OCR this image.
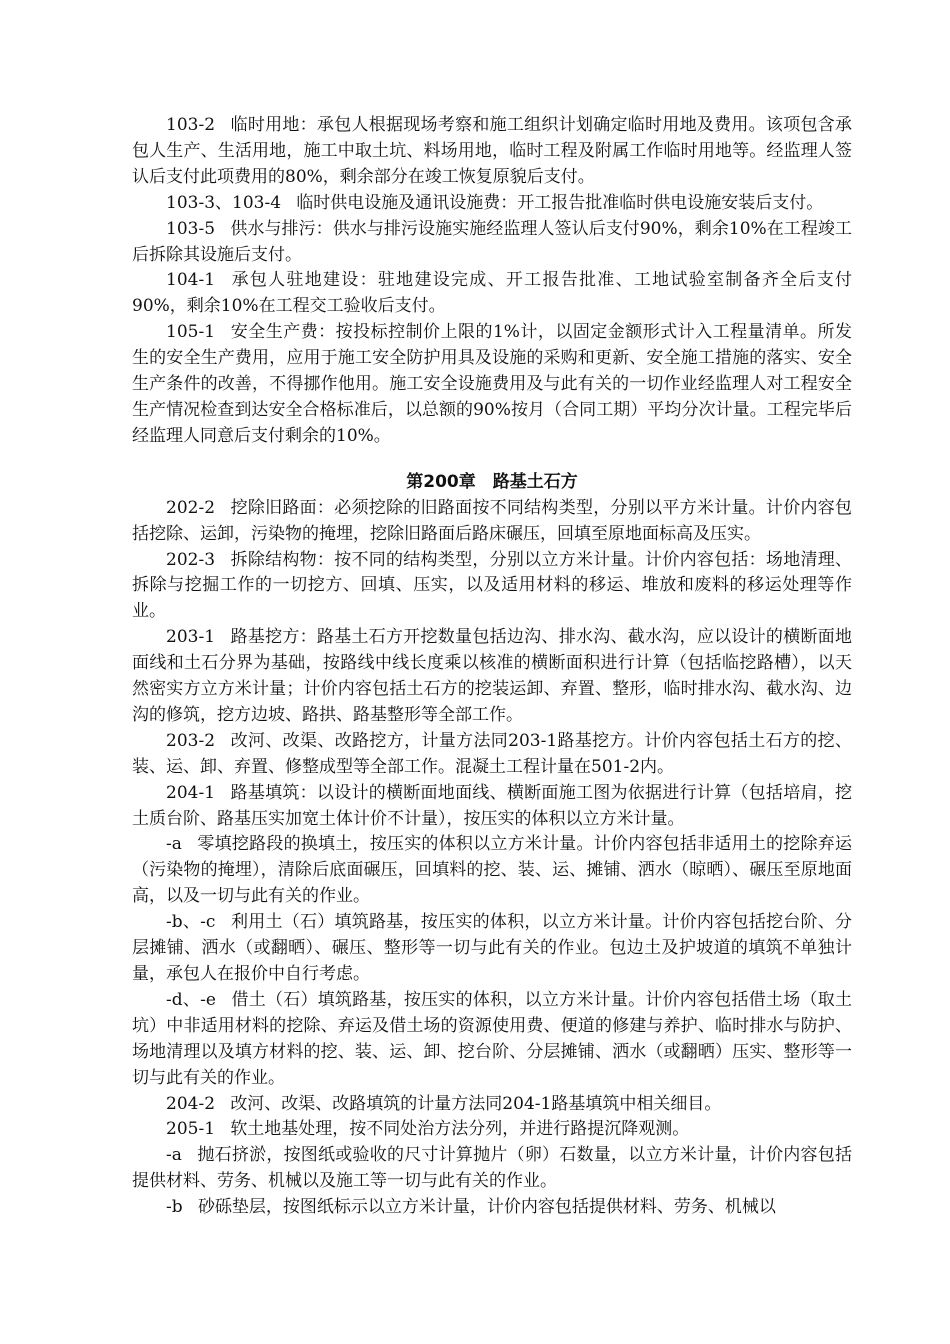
103-2 临时用地：承包人根据现场考察和施工组织计划确定临时用地及费用。该项包含承包人生产、生活用地，施工中取土坑、料场用地，临时工程及附属工作临时用地等。经监理人签认后支付此项费用的80%，剩余部分在竣工恢复原貌后支付。

103-3、103-4 临时供电设施及通讯设施费：开工报告批准临时供电设施安装后支付。

103-5 供水与排污：供水与排污设施实施经监理人签认后支付90%，剩余10%在工程竣工后拆除其设施后支付。

104-1 承包人驻地建设：驻地建设完成、开工报告批准、工地试验室制备齐全后支付90%，剩余10%在工程交工验收后支付。

105-1 安全生产费：按投标控制价上限的1%计，以固定金额形式计入工程量清单。所发生的安全生产费用，应用于施工安全防护用具及设施的采购和更新、安全施工措施的落实、安全生产条件的改善，不得挪作他用。施工安全设施费用及与此有关的一切作业经监理人对工程安全生产情况检查到达安全合格标准后，以总额的90%按月（合同工期）平均分次计量。工程完毕后经监理人同意后支付剩余的10%。

第200章　路基土石方

202-2 挖除旧路面：必须挖除的旧路面按不同结构类型，分别以平方米计量。计价内容包括挖除、运卸，污染物的掩埋，挖除旧路面后路床碾压，回填至原地面标高及压实。

202-3 拆除结构物：按不同的结构类型，分别以立方米计量。计价内容包括：场地清理、拆除与挖掘工作的一切挖方、回填、压实，以及适用材料的移运、堆放和废料的移运处理等作业。

203-1 路基挖方：路基土石方开挖数量包括边沟、排水沟、截水沟，应以设计的横断面地面线和土石分界为基础，按路线中线长度乘以核准的横断面积进行计算（包括临挖路槽），以天然密实方立方米计量；计价内容包括土石方的挖装运卸、弃置、整形，临时排水沟、截水沟、边沟的修筑，挖方边坡、路拱、路基整形等全部工作。

203-2 改河、改渠、改路挖方，计量方法同203-1路基挖方。计价内容包括土石方的挖、装、运、卸、弃置、修整成型等全部工作。混凝土工程计量在501-2内。

204-1 路基填筑：以设计的横断面地面线、横断面施工图为依据进行计算（包括培肩，挖土质台阶、路基压实加宽土体计价不计量），按压实的体积以立方米计量。

-a 零填挖路段的换填土，按压实的体积以立方米计量。计价内容包括非适用土的挖除弃运（污染物的掩埋），清除后底面碾压，回填料的挖、装、运、摊铺、洒水（晾晒）、碾压至原地面高，以及一切与此有关的作业。

-b、-c 利用土（石）填筑路基，按压实的体积，以立方米计量。计价内容包括挖台阶、分层摊铺、洒水（或翻晒）、碾压、整形等一切与此有关的作业。包边土及护坡道的填筑不单独计量，承包人在报价中自行考虑。

-d、-e 借土（石）填筑路基，按压实的体积，以立方米计量。计价内容包括借土场（取土坑）中非适用材料的挖除、弃运及借土场的资源使用费、便道的修建与养护、临时排水与防护、场地清理以及填方材料的挖、装、运、卸、挖台阶、分层摊铺、洒水（或翻晒）压实、整形等一切与此有关的作业。

204-2 改河、改渠、改路填筑的计量方法同204-1路基填筑中相关细目。

205-1 软土地基处理，按不同处治方法分列，并进行路提沉降观测。

-a 抛石挤淤，按图纸或验收的尺寸计算抛片（卵）石数量，以立方米计量，计价内容包括提供材料、劳务、机械以及施工等一切与此有关的作业。

-b 砂砾垫层，按图纸标示以立方米计量，计价内容包括提供材料、劳务、机械以
